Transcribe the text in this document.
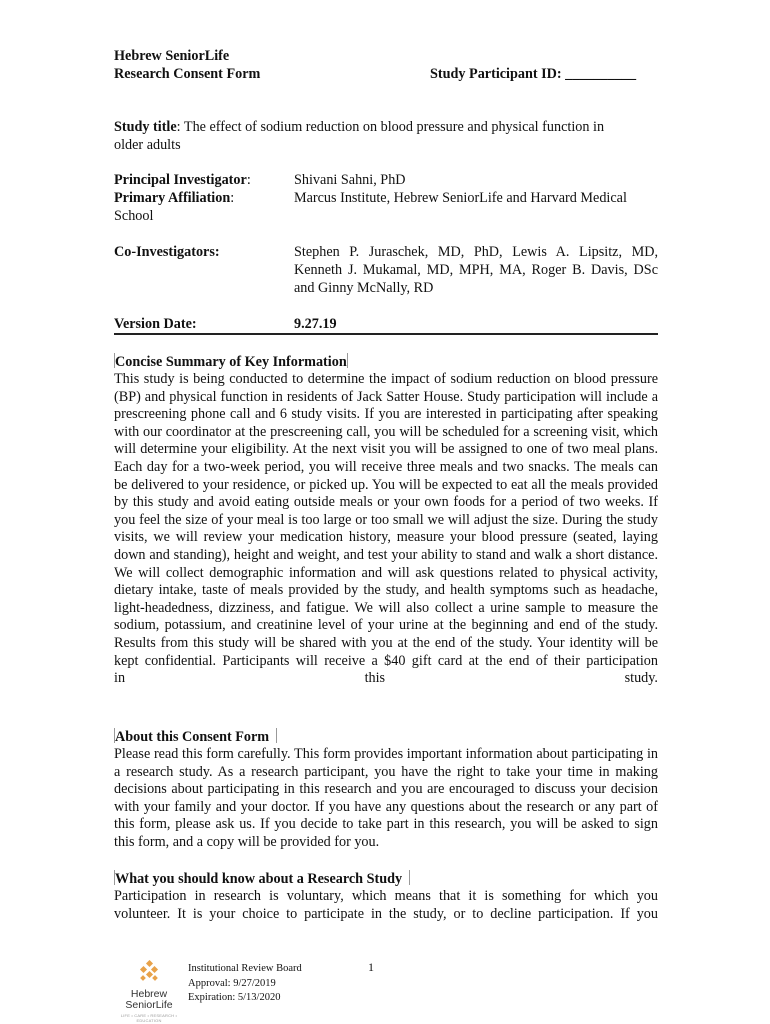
Hebrew SeniorLife
Research Consent Form	Study Participant ID: __________
Study title: The effect of sodium reduction on blood pressure and physical function in
older adults
Principal Investigator:	Shivani Sahni, PhD
Primary Affiliation:	Marcus Institute, Hebrew SeniorLife and Harvard Medical
School
Co-Investigators:	Stephen P. Juraschek, MD, PhD, Lewis A. Lipsitz, MD,
Kenneth J. Mukamal, MD, MPH, MA, Roger B. Davis, DSc
and Ginny McNally, RD
Version Date:	9.27.19
Concise Summary of Key Information
This study is being conducted to determine the impact of sodium reduction on blood pressure (BP) and physical function in residents of Jack Satter House. Study participation will include a prescreening phone call and 6 study visits. If you are interested in participating after speaking with our coordinator at the prescreening call, you will be scheduled for a screening visit, which will determine your eligibility. At the next visit you will be assigned to one of two meal plans. Each day for a two-week period, you will receive three meals and two snacks. The meals can be delivered to your residence, or picked up. You will be expected to eat all the meals provided by this study and avoid eating outside meals or your own foods for a period of two weeks. If you feel the size of your meal is too large or too small we will adjust the size. During the study visits, we will review your medication history, measure your blood pressure (seated, laying down and standing), height and weight, and test your ability to stand and walk a short distance. We will collect demographic information and will ask questions related to physical activity, dietary intake, taste of meals provided by the study, and health symptoms such as headache, light-headedness, dizziness, and fatigue. We will also collect a urine sample to measure the sodium, potassium, and creatinine level of your urine at the beginning and end of the study. Results from this study will be shared with you at the end of the study. Your identity will be kept confidential. Participants will receive a $40 gift card at the end of their participation
in	this	study.
About this Consent Form
Please read this form carefully. This form provides important information about participating in a research study. As a research participant, you have the right to take your time in making decisions about participating in this research and you are encouraged to discuss your decision with your family and your doctor. If you have any questions about the research or any part of this form, please ask us. If you decide to take part in this research, you will be asked to sign this form, and a copy will be provided for you.
What you should know about a Research Study
Participation in research is voluntary, which means that it is something for which you volunteer. It is your choice to participate in the study, or to decline participation. If you
Hebrew
SeniorLife
LIFE • CARE • RESEARCH • EDUCATION
Institutional Review Board
Approval: 9/27/2019
Expiration: 5/13/2020
1
